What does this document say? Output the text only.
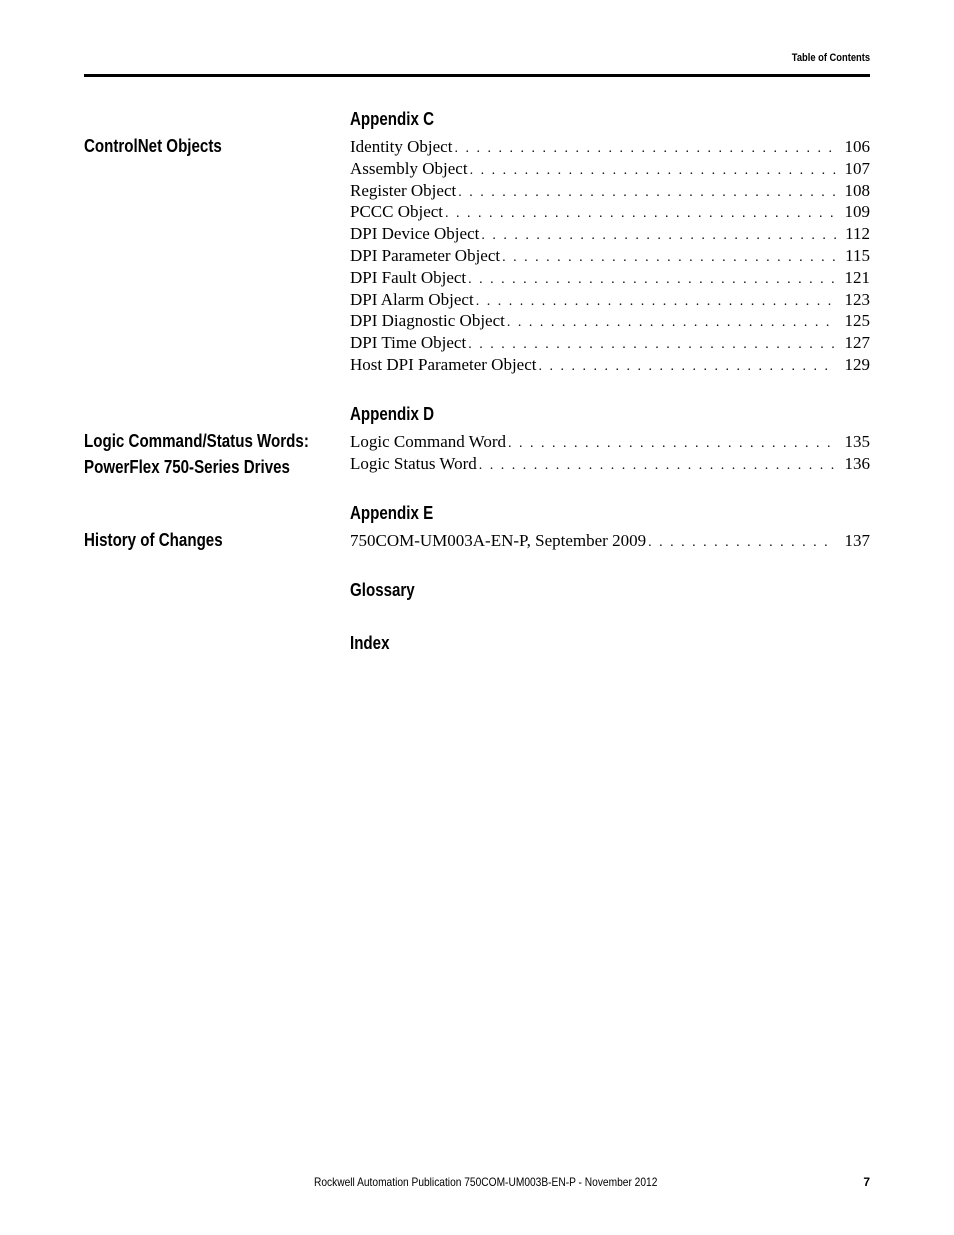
Table of Contents
Appendix C
ControlNet Objects	Identity Object . . .	106
Assembly Object . . .	107
Register Object . . .	108
PCCC Object . . .	109
DPI Device Object . . .	112
DPI Parameter Object . . .	115
DPI Fault Object . . .	121
DPI Alarm Object . . .	123
DPI Diagnostic Object . . .	125
DPI Time Object . . .	127
Host DPI Parameter Object . . .	129
Appendix D
Logic Command/Status Words:
PowerFlex 750-Series Drives
Logic Command Word . . .	135
Logic Status Word . . .	136
Appendix E
History of Changes	750COM-UM003A-EN-P, September 2009 . . .	137
Glossary
Index
Rockwell Automation Publication 750COM-UM003B-EN-P - November 2012	7
